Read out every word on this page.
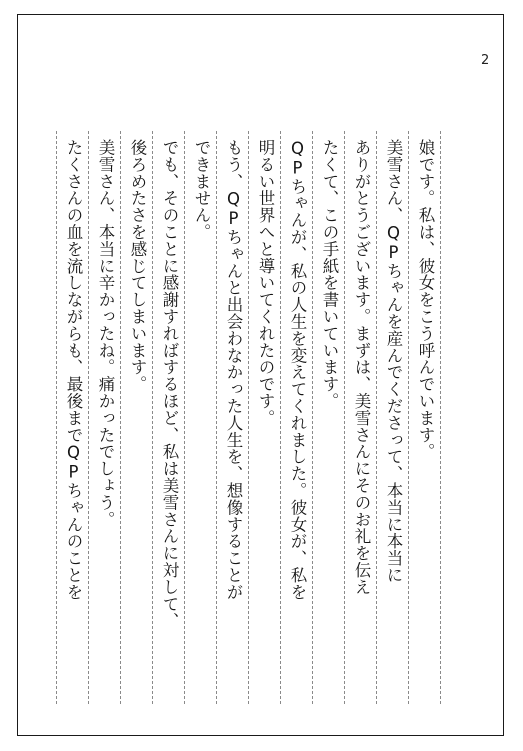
2
娘です。私は、彼女をこう呼んでいます。
美雪さん、QPちゃんを産んでくださって、本当に本当に
ありがとうございます。まずは、美雪さんにそのお礼を伝え
たくて、この手紙を書いています。
QPちゃんが、私の人生を変えてくれました。彼女が、私を
明るい世界へと導いてくれたのです。
もう、QPちゃんと出会わなかった人生を、想像することが
できません。
でも、そのことに感謝すればするほど、私は美雪さんに対して、
後ろめたさを感じてしまいます。
美雪さん、本当に辛かったね。痛かったでしょう。
たくさんの血を流しながらも、最後までQPちゃんのことを
